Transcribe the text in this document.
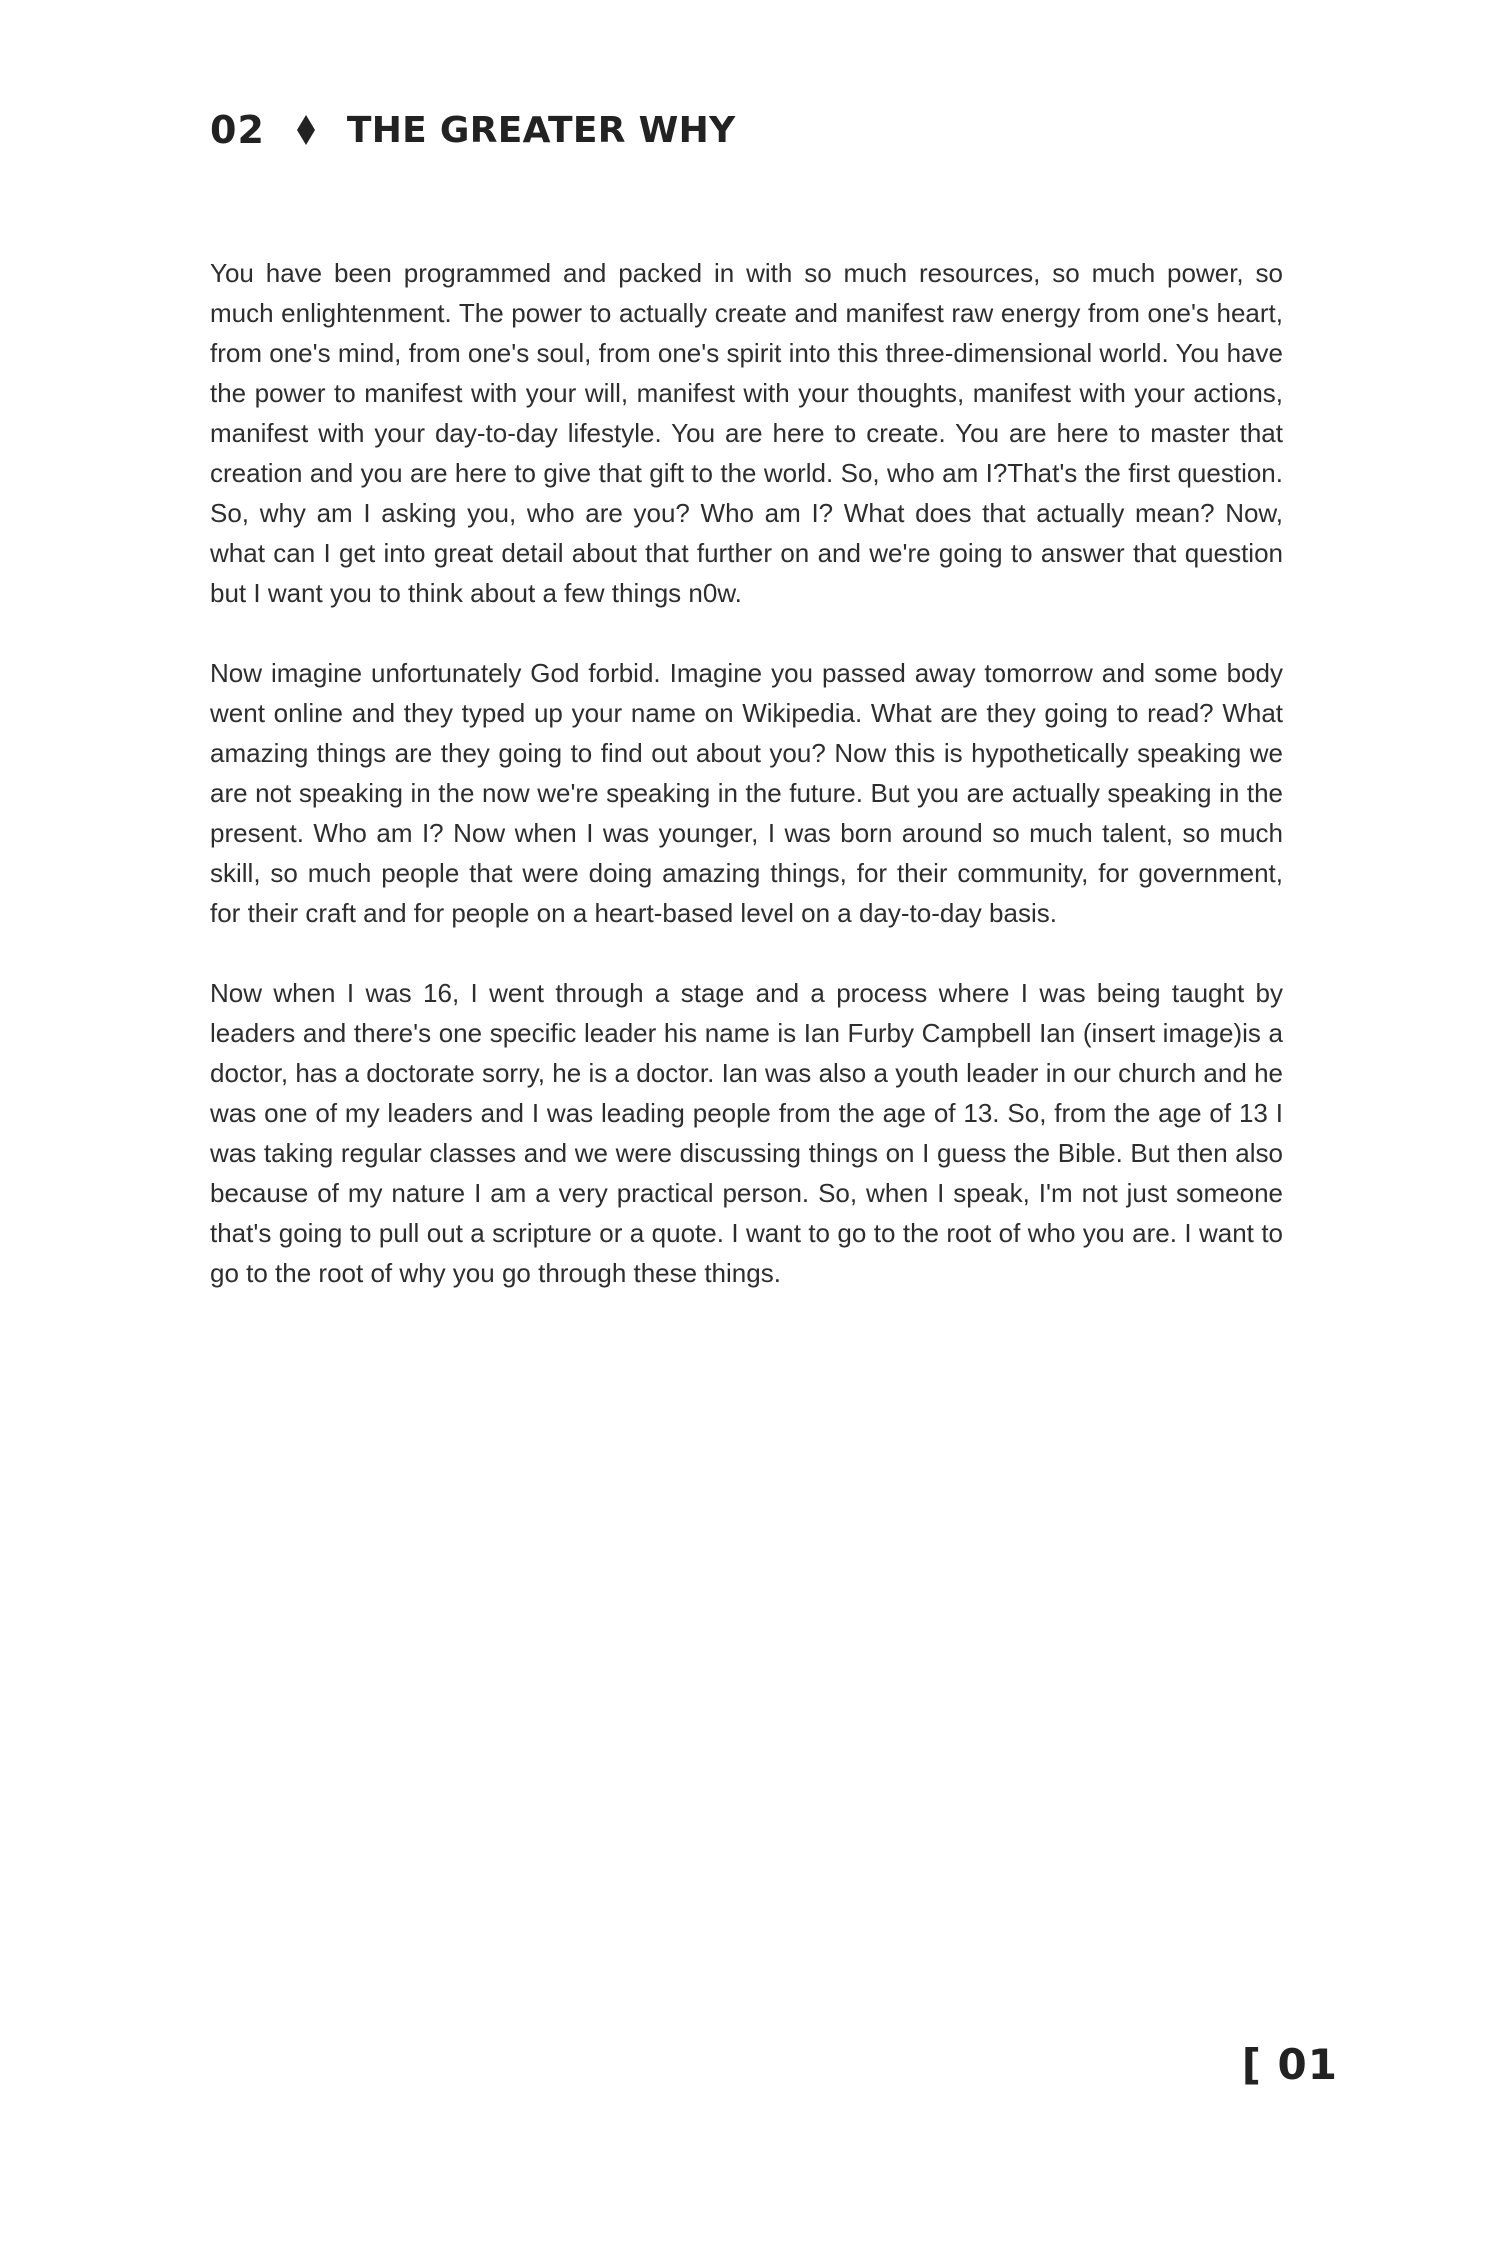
02 THE GREATER WHY

You have been programmed and packed in with so much resources, so much power, so much enlightenment. The power to actually create and manifest raw energy from one's heart, from one's mind, from one's soul, from one's spirit into this three-dimensional world. You have the power to manifest with your will, manifest with your thoughts, manifest with your actions, manifest with your day-to-day lifestyle. You are here to create. You are here to master that creation and you are here to give that gift to the world. So, who am I?That's the first question. So, why am I asking you, who are you? Who am I? What does that actually mean? Now, what can I get into great detail about that further on and we're going to answer that question but I want you to think about a few things n0w.

Now imagine unfortunately God forbid. Imagine you passed away tomorrow and some body went online and they typed up your name on Wikipedia. What are they going to read? What amazing things are they going to find out about you? Now this is hypothetically speaking we are not speaking in the now we're speaking in the future. But you are actually speaking in the present. Who am I? Now when I was younger, I was born around so much talent, so much skill, so much people that were doing amazing things, for their community, for government, for their craft and for people on a heart-based level on a day-to-day basis.

Now when I was 16, I went through a stage and a process where I was being taught by leaders and there's one specific leader his name is Ian Furby Campbell Ian (insert image)is a doctor, has a doctorate sorry, he is a doctor. Ian was also a youth leader in our church and he was one of my leaders and I was leading people from the age of 13. So, from the age of 13 I was taking regular classes and we were discussing things on I guess the Bible. But then also because of my nature I am a very practical person. So, when I speak, I'm not just someone that's going to pull out a scripture or a quote. I want to go to the root of who you are. I want to go to the root of why you go through these things.

[ 01
